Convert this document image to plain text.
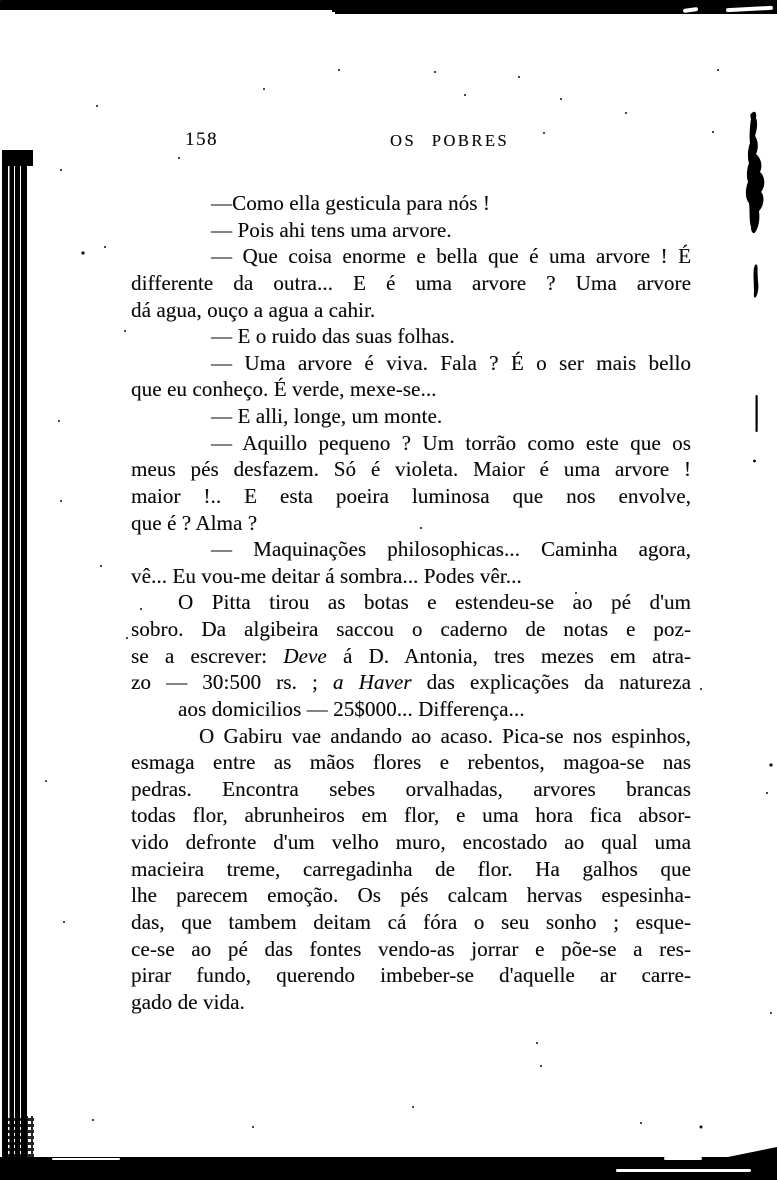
158	OS POBRES
—Como ella gesticula para nós !
— Pois ahi tens uma arvore.
— Que coisa enorme e bella que é uma arvore ! É
differente da outra... E é uma arvore ? Uma arvore
dá agua, ouço a agua a cahir.
— E o ruido das suas folhas.
— Uma arvore é viva. Fala ? É o ser mais bello
que eu conheço. É verde, mexe-se...
— E alli, longe, um monte.
— Aquillo pequeno ? Um torrão como este que os
meus pés desfazem. Só é violeta. Maior é uma arvore !
maior !.. E esta poeira luminosa que nos envolve,
que é ? Alma ?
— Maquinações philosophicas... Caminha agora,
vê... Eu vou-me deitar á sombra... Podes vêr...
O Pitta tirou as botas e estendeu-se ao pé d'um
sobro. Da algibeira saccou o caderno de notas e poz-
se a escrever: Deve á D. Antonia, tres mezes em atra-
zo — 30:500 rs. ; a Haver das explicações da natureza
aos domicilios — 25$000... Differença...
O Gabiru vae andando ao acaso. Pica-se nos espinhos,
esmaga entre as mãos flores e rebentos, magoa-se nas
pedras. Encontra sebes orvalhadas, arvores brancas
todas flor, abrunheiros em flor, e uma hora fica absor-
vido defronte d'um velho muro, encostado ao qual uma
macieira treme, carregadinha de flor. Ha galhos que
lhe parecem emoção. Os pés calcam hervas espesinha-
das, que tambem deitam cá fóra o seu sonho ; esque-
ce-se ao pé das fontes vendo-as jorrar e põe-se a res-
pirar fundo, querendo imbeber-se d'aquelle ar carre-
gado de vida.
